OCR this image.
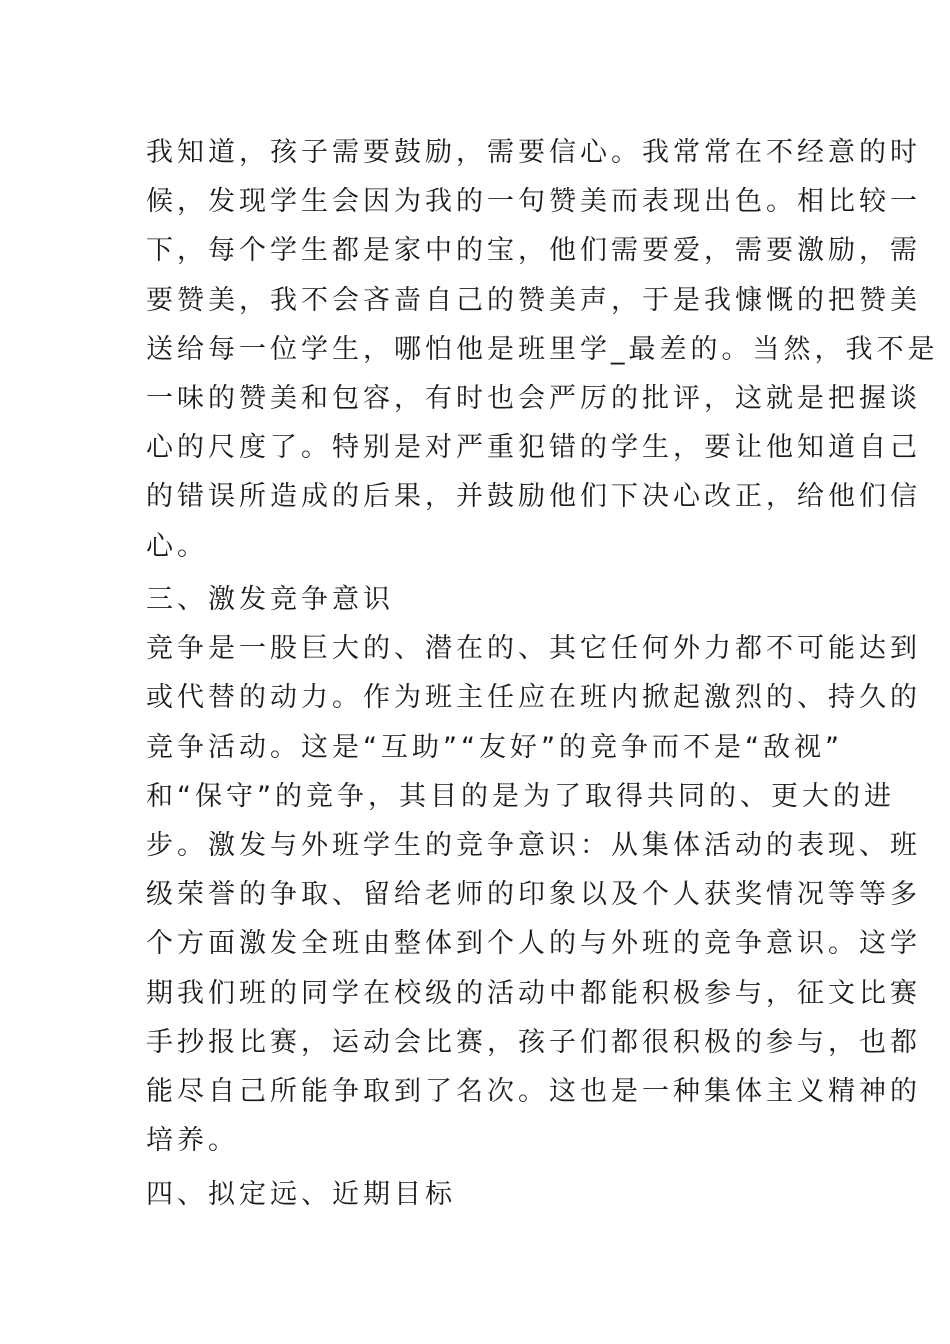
我知道，孩子需要鼓励，需要信心。我常常在不经意的时
候，发现学生会因为我的一句赞美而表现出色。相比较一
下，每个学生都是家中的宝，他们需要爱，需要激励，需
要赞美，我不会吝啬自己的赞美声，于是我慷慨的把赞美
送给每一位学生，哪怕他是班里学_最差的。当然，我不是
一味的赞美和包容，有时也会严厉的批评，这就是把握谈
心的尺度了。特别是对严重犯错的学生，要让他知道自己
的错误所造成的后果，并鼓励他们下决心改正，给他们信
心。
三、激发竞争意识
竞争是一股巨大的、潜在的、其它任何外力都不可能达到
或代替的动力。作为班主任应在班内掀起激烈的、持久的
竞争活动。这是“互助”“友好”的竞争而不是“敌视”
和“保守”的竞争，其目的是为了取得共同的、更大的进
步。激发与外班学生的竞争意识：从集体活动的表现、班
级荣誉的争取、留给老师的印象以及个人获奖情况等等多
个方面激发全班由整体到个人的与外班的竞争意识。这学
期我们班的同学在校级的活动中都能积极参与，征文比赛
手抄报比赛，运动会比赛，孩子们都很积极的参与，也都
能尽自己所能争取到了名次。这也是一种集体主义精神的
培养。
四、拟定远、近期目标
